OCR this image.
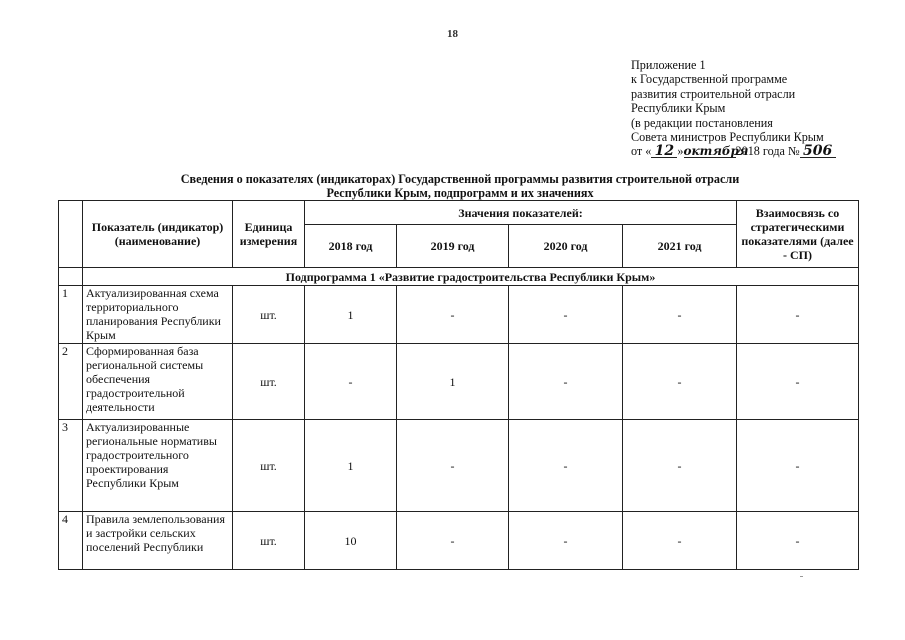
18
Приложение 1
к Государственной программе
развития строительной отрасли
Республики Крым
(в редакции постановления
Совета министров Республики Крым
от « 12 »октября2018 года № 506
Сведения о показателях (индикаторах) Государственной программы развития строительной отрасли
Республики Крым, подпрограмм и их значениях
	Показатель (индикатор) (наименование)	Единица измерения	Значения показателей:				Взаимосвязь со стратегическими показателями (далее - СП)
			2018 год	2019 год	2020 год	2021 год	
	Подпрограмма 1 «Развитие градостроительства Республики Крым»						
1	Актуализированная схема территориального планирования Республики Крым	шт.	1	-	-	-	-
2	Сформированная база региональной системы обеспечения градостроительной деятельности	шт.	-	1	-	-	-
3	Актуализированные региональные нормативы градостроительного проектирования Республики Крым	шт.	1	-	-	-	-
4	Правила землепользования и застройки сельских поселений Республики	шт.	10	-	-	-	-
